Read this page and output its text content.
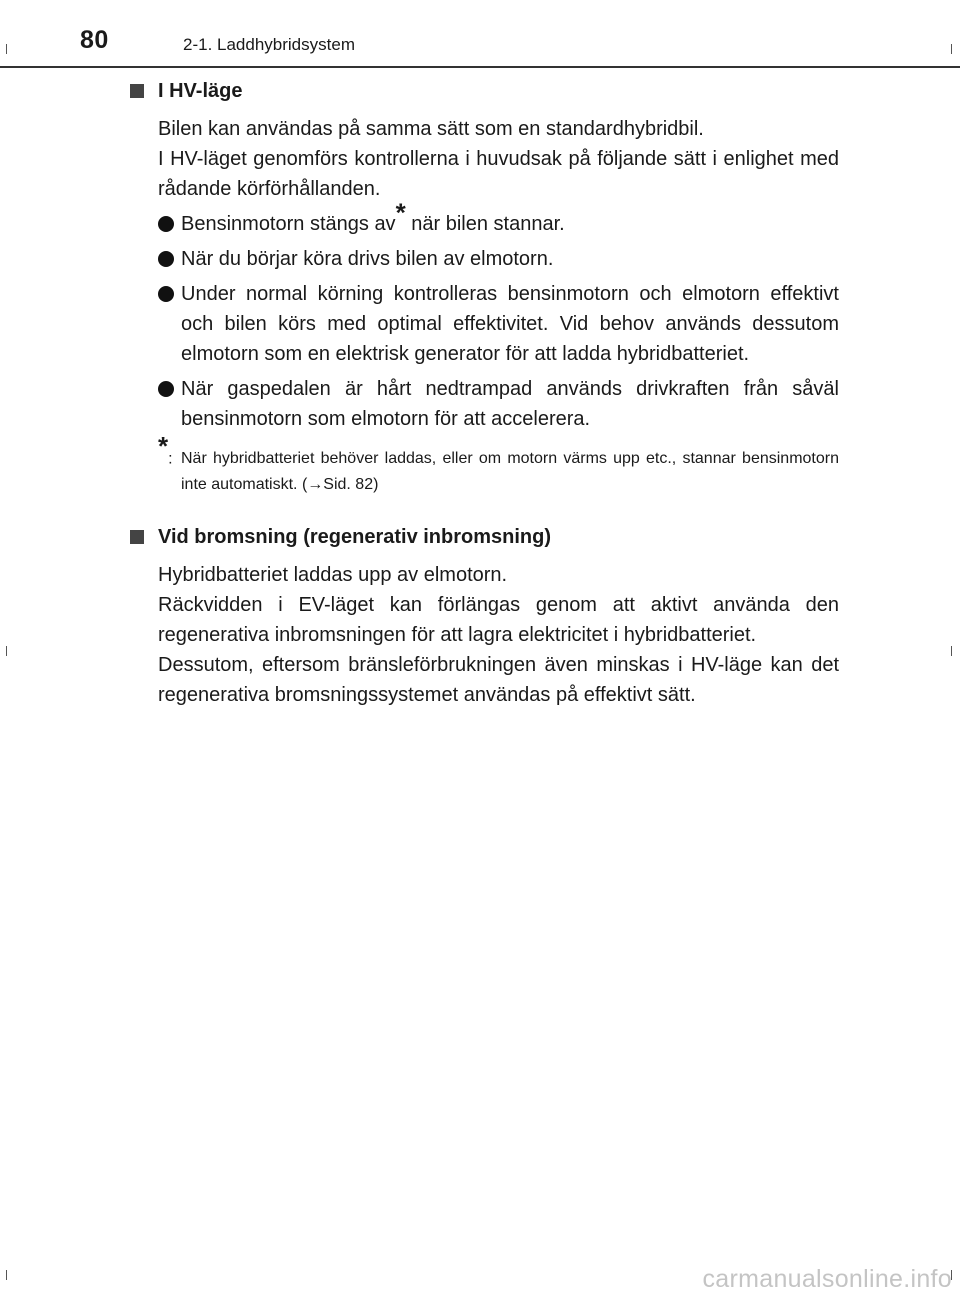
80	2-1. Laddhybridsystem
I HV-läge
Bilen kan användas på samma sätt som en standardhybridbil.
I HV-läget genomförs kontrollerna i huvudsak på följande sätt i enlighet med rådande körförhållanden.
Bensinmotorn stängs av* när bilen stannar.
När du börjar köra drivs bilen av elmotorn.
Under normal körning kontrolleras bensinmotorn och elmotorn effektivt och bilen körs med optimal effektivitet. Vid behov används dessutom elmotorn som en elektrisk generator för att ladda hybridbatteriet.
När gaspedalen är hårt nedtrampad används drivkraften från såväl bensinmotorn som elmotorn för att accelerera.
*: När hybridbatteriet behöver laddas, eller om motorn värms upp etc., stannar bensinmotorn inte automatiskt. (→Sid. 82)
Vid bromsning (regenerativ inbromsning)
Hybridbatteriet laddas upp av elmotorn.
Räckvidden i EV-läget kan förlängas genom att aktivt använda den regenerativa inbromsningen för att lagra elektricitet i hybridbatteriet.
Dessutom, eftersom bränsleförbrukningen även minskas i HV-läge kan det regenerativa bromsningssystemet användas på effektivt sätt.
carmanualsonline.info
